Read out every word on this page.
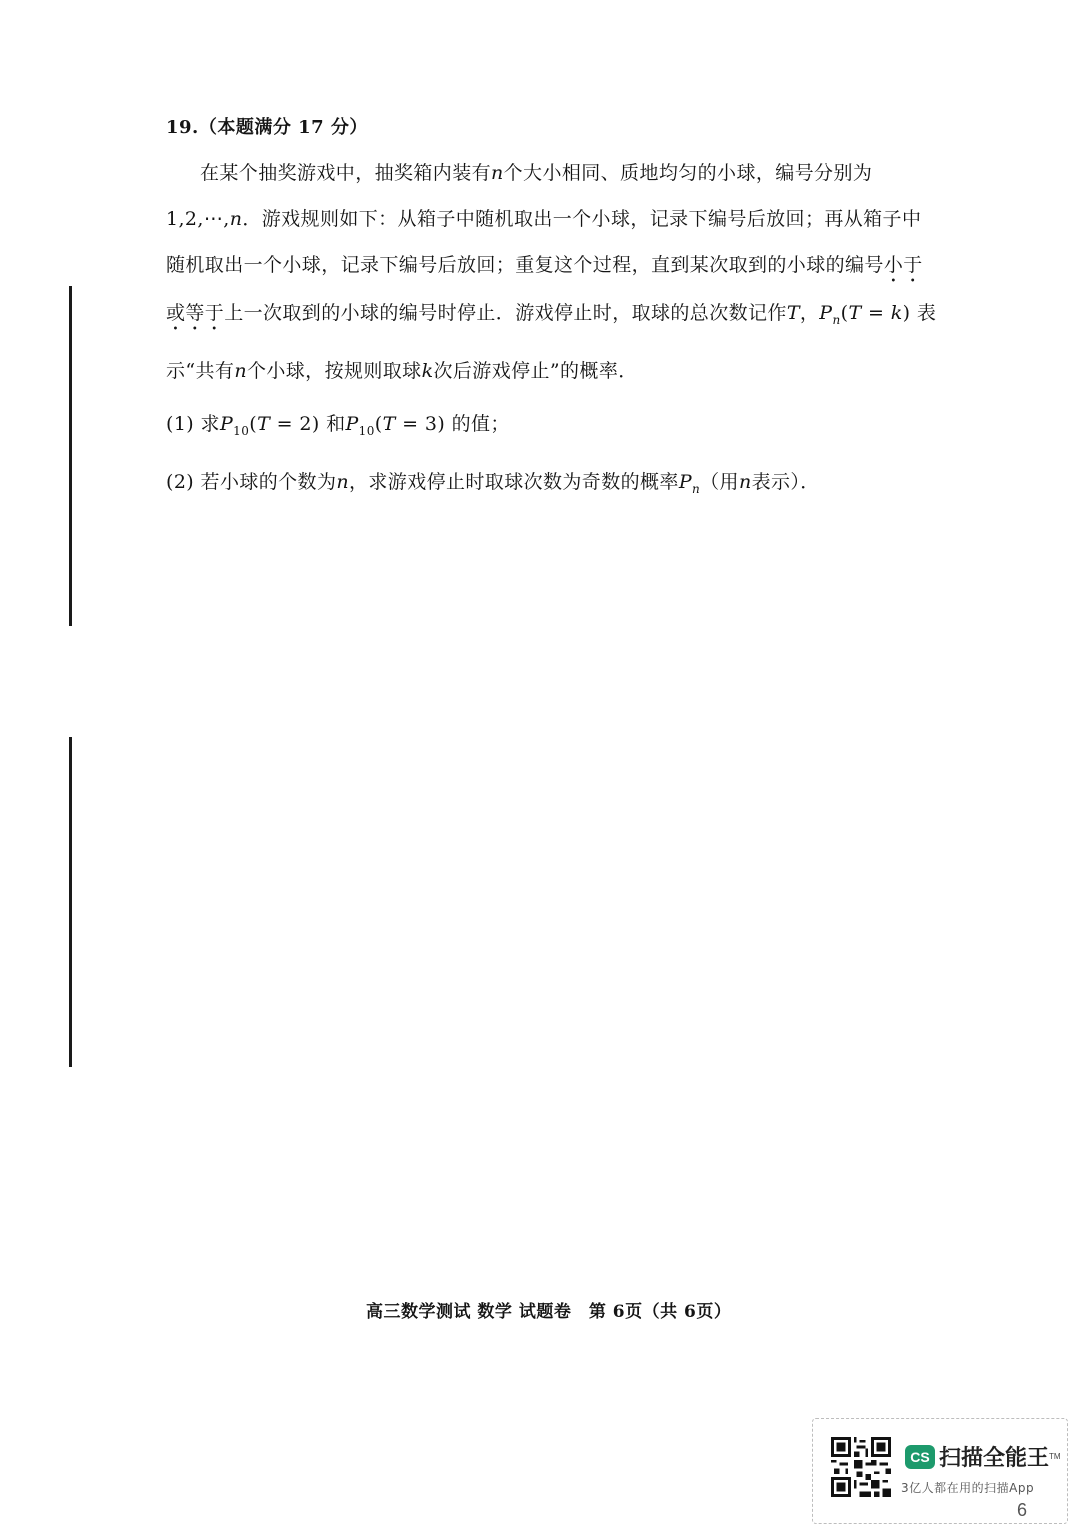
19.（本题满分 17 分）
在某个抽奖游戏中，抽奖箱内装有n个大小相同、质地均匀的小球，编号分别为
1,2,⋯,n．游戏规则如下：从箱子中随机取出一个小球，记录下编号后放回；再从箱子中
随机取出一个小球，记录下编号后放回；重复这个过程，直到某次取到的小球的编号小于
或等于上一次取到的小球的编号时停止．游戏停止时，取球的总次数记作T，$P_n(T = k)$ 表
示“共有n个小球，按规则取球k次后游戏停止”的概率．
(1) 求$P_{10}(T = 2)$ 和$P_{10}(T = 3)$ 的值；
(2) 若小球的个数为n，求游戏停止时取球次数为奇数的概率$P_n$（用n表示）．
高三数学测试 数学 试题卷　第 6页（共 6页）
CS 扫描全能王 TM
3亿人都在用的扫描App
6
